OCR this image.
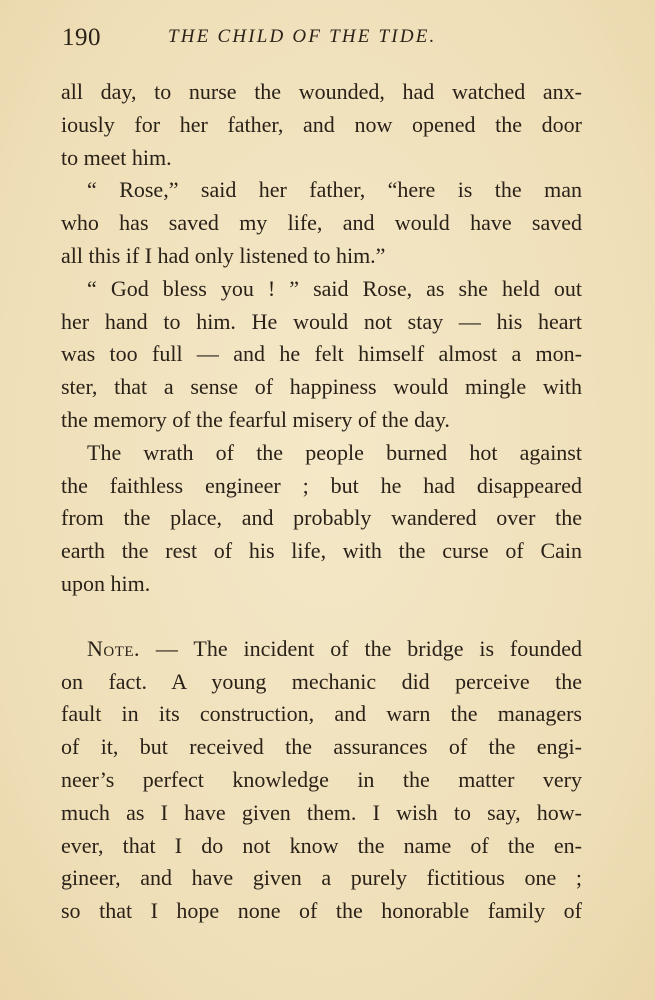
190	THE CHILD OF THE TIDE.
all day, to nurse the wounded, had watched anx-
iously for her father, and now opened the door
to meet him.
“ Rose,” said her father, “here is the man
who has saved my life, and would have saved
all this if I had only listened to him.”
“ God bless you ! ” said Rose, as she held out
her hand to him. He would not stay — his heart
was too full — and he felt himself almost a mon-
ster, that a sense of happiness would mingle with
the memory of the fearful misery of the day.
The wrath of the people burned hot against
the faithless engineer ; but he had disappeared
from the place, and probably wandered over the
earth the rest of his life, with the curse of Cain
upon him.
Note. — The incident of the bridge is founded
on fact. A young mechanic did perceive the
fault in its construction, and warn the managers
of it, but received the assurances of the engi-
neer’s perfect knowledge in the matter very
much as I have given them. I wish to say, how-
ever, that I do not know the name of the en-
gineer, and have given a purely fictitious one ;
so that I hope none of the honorable family of
